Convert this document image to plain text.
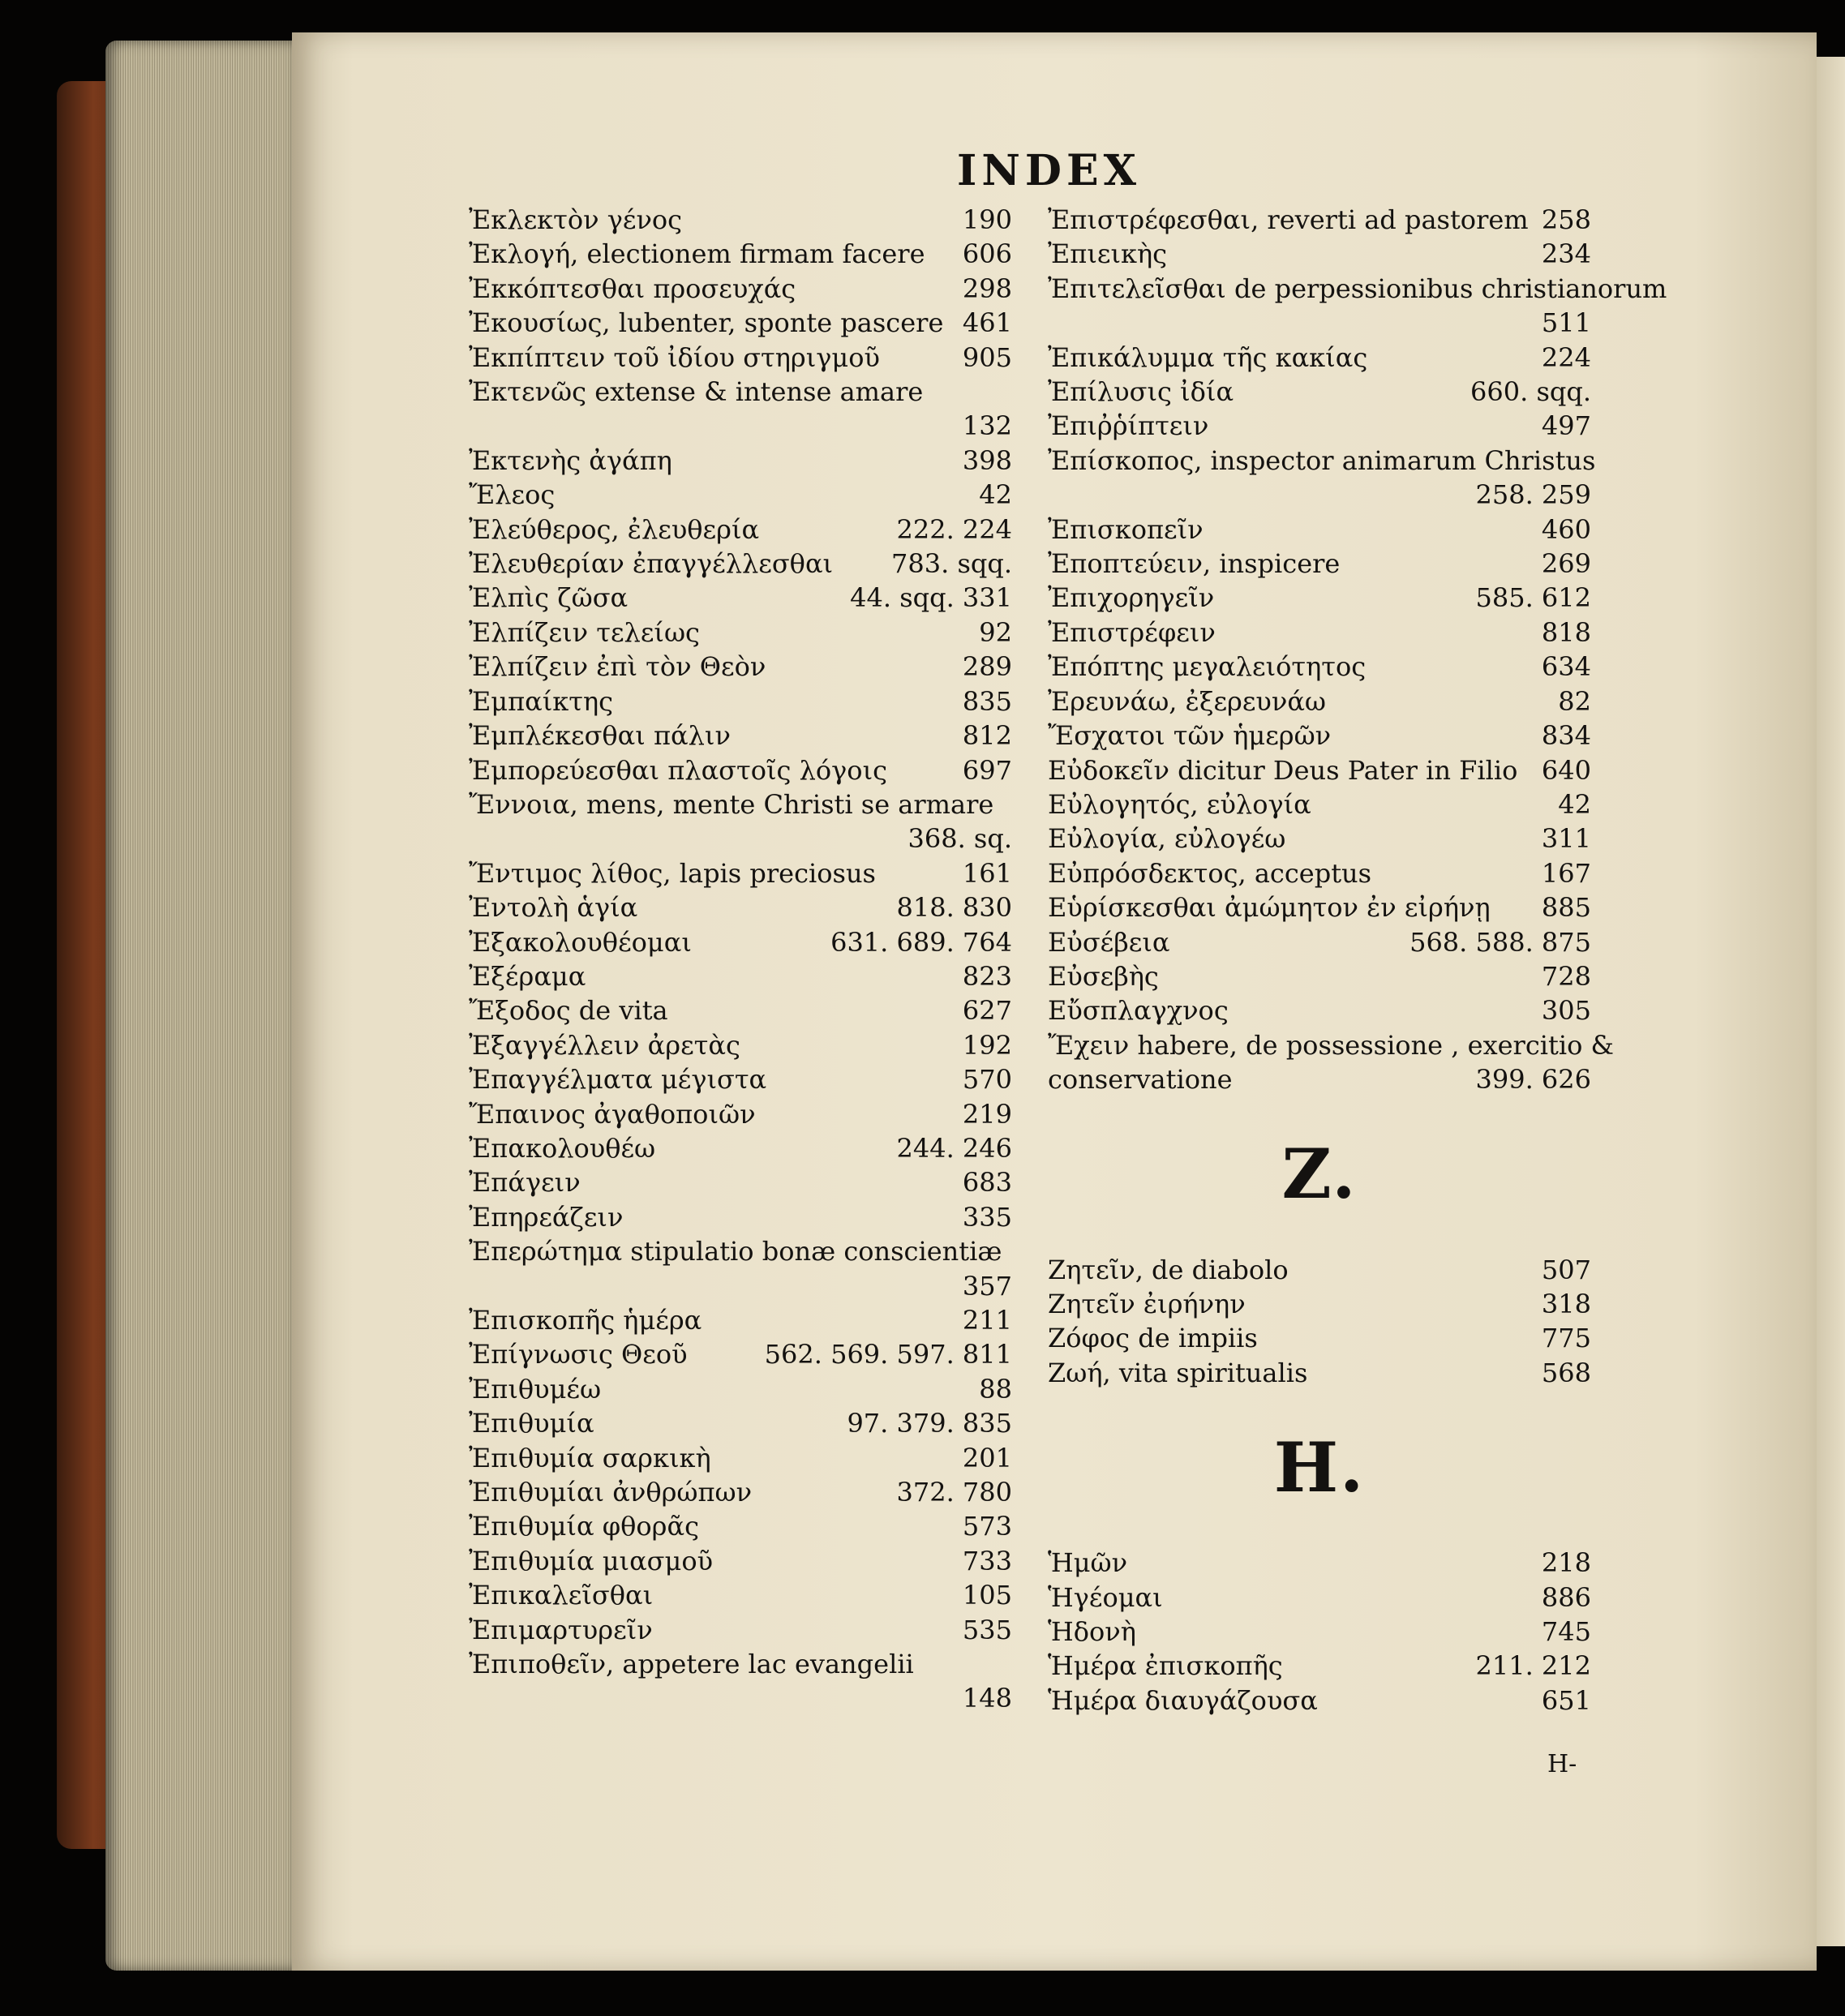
INDEX
Ἐκλεκτὸν γένος	190
Ἐκλογή, electionem firmam facere	606
Ἐκκόπτεσθαι προσευχάς	298
Ἐκουσίως, lubenter, sponte pascere 461
Ἐκπίπτειν τοῦ ἰδίου στηριγμοῦ	905
Ἐκτενῶς extense & intense amare
132
Ἐκτενὴς ἀγάπη	398
Ἔλεος	42
Ἐλεύθερος, ἐλευθερία	222. 224
Ἐλευθερίαν ἐπαγγέλλεσθαι	783. sqq.
Ἐλπὶς ζῶσα	44. sqq. 331
Ἐλπίζειν τελείως	92
Ἐλπίζειν ἐπὶ τὸν Θεὸν	289
Ἐμπαίκτης	835
Ἐμπλέκεσθαι πάλιν	812
Ἐμπορεύεσθαι πλαστοῖς λόγοις	697
Ἔννοια, mens, mente Christi se armare
368. sq.
Ἔντιμος λίθος, lapis preciosus	161
Ἐντολὴ ἁγία	818. 830
Ἐξακολουθέομαι	631. 689. 764
Ἐξέραμα	823
Ἔξοδος de vita	627
Ἐξαγγέλλειν ἀρετὰς	192
Ἐπαγγέλματα μέγιστα	570
Ἔπαινος ἀγαθοποιῶν	219
Ἐπακολουθέω	244. 246
Ἐπάγειν	683
Ἐπηρεάζειν	335
Ἐπερώτημα stipulatio bonæ conscientiæ
357
Ἐπισκοπῆς ἡμέρα	211
Ἐπίγνωσις Θεοῦ	562. 569. 597. 811
Ἐπιθυμέω	88
Ἐπιθυμία	97. 379. 835
Ἐπιθυμία σαρκικὴ	201
Ἐπιθυμίαι ἀνθρώπων	372. 780
Ἐπιθυμία φθορᾶς	573
Ἐπιθυμία μιασμοῦ	733
Ἐπικαλεῖσθαι	105
Ἐπιμαρτυρεῖν	535
Ἐπιποθεῖν, appetere lac evangelii
148
Ἐπιστρέφεσθαι, reverti ad pastorem 258
Ἐπιεικὴς	234
Ἐπιτελεῖσθαι de perpessionibus christianorum
511
Ἐπικάλυμμα τῆς κακίας	224
Ἐπίλυσις ἰδία	660. sqq.
Ἐπιῤῥίπτειν	497
Ἐπίσκοπος, inspector animarum Christus
258. 259
Ἐπισκοπεῖν	460
Ἐποπτεύειν, inspicere	269
Ἐπιχορηγεῖν	585. 612
Ἐπιστρέφειν	818
Ἐπόπτης μεγαλειότητος	634
Ἐρευνάω, ἐξερευνάω	82
Ἔσχατοι τῶν ἡμερῶν	834
Εὐδοκεῖν dicitur Deus Pater in Filio 640
Εὐλογητός, εὐλογία	42
Εὐλογία, εὐλογέω	311
Εὐπρόσδεκτος, acceptus	167
Εὑρίσκεσθαι ἀμώμητον ἐν εἰρήνῃ	885
Εὐσέβεια	568. 588. 875
Εὐσεβὴς	728
Εὔσπλαγχνος	305
Ἔχειν habere, de possessione , exercitio &
conservatione	399. 626
Z.
Ζητεῖν, de diabolo	507
Ζητεῖν ἐιρήνην	318
Ζόφος de impiis	775
Ζωή, vita spiritualis	568
H.
Ἡμῶν	218
Ἡγέομαι	886
Ἡδονὴ	745
Ἡμέρα ἐπισκοπῆς	211. 212
Ἡμέρα διαυγάζουσα	651
H-
